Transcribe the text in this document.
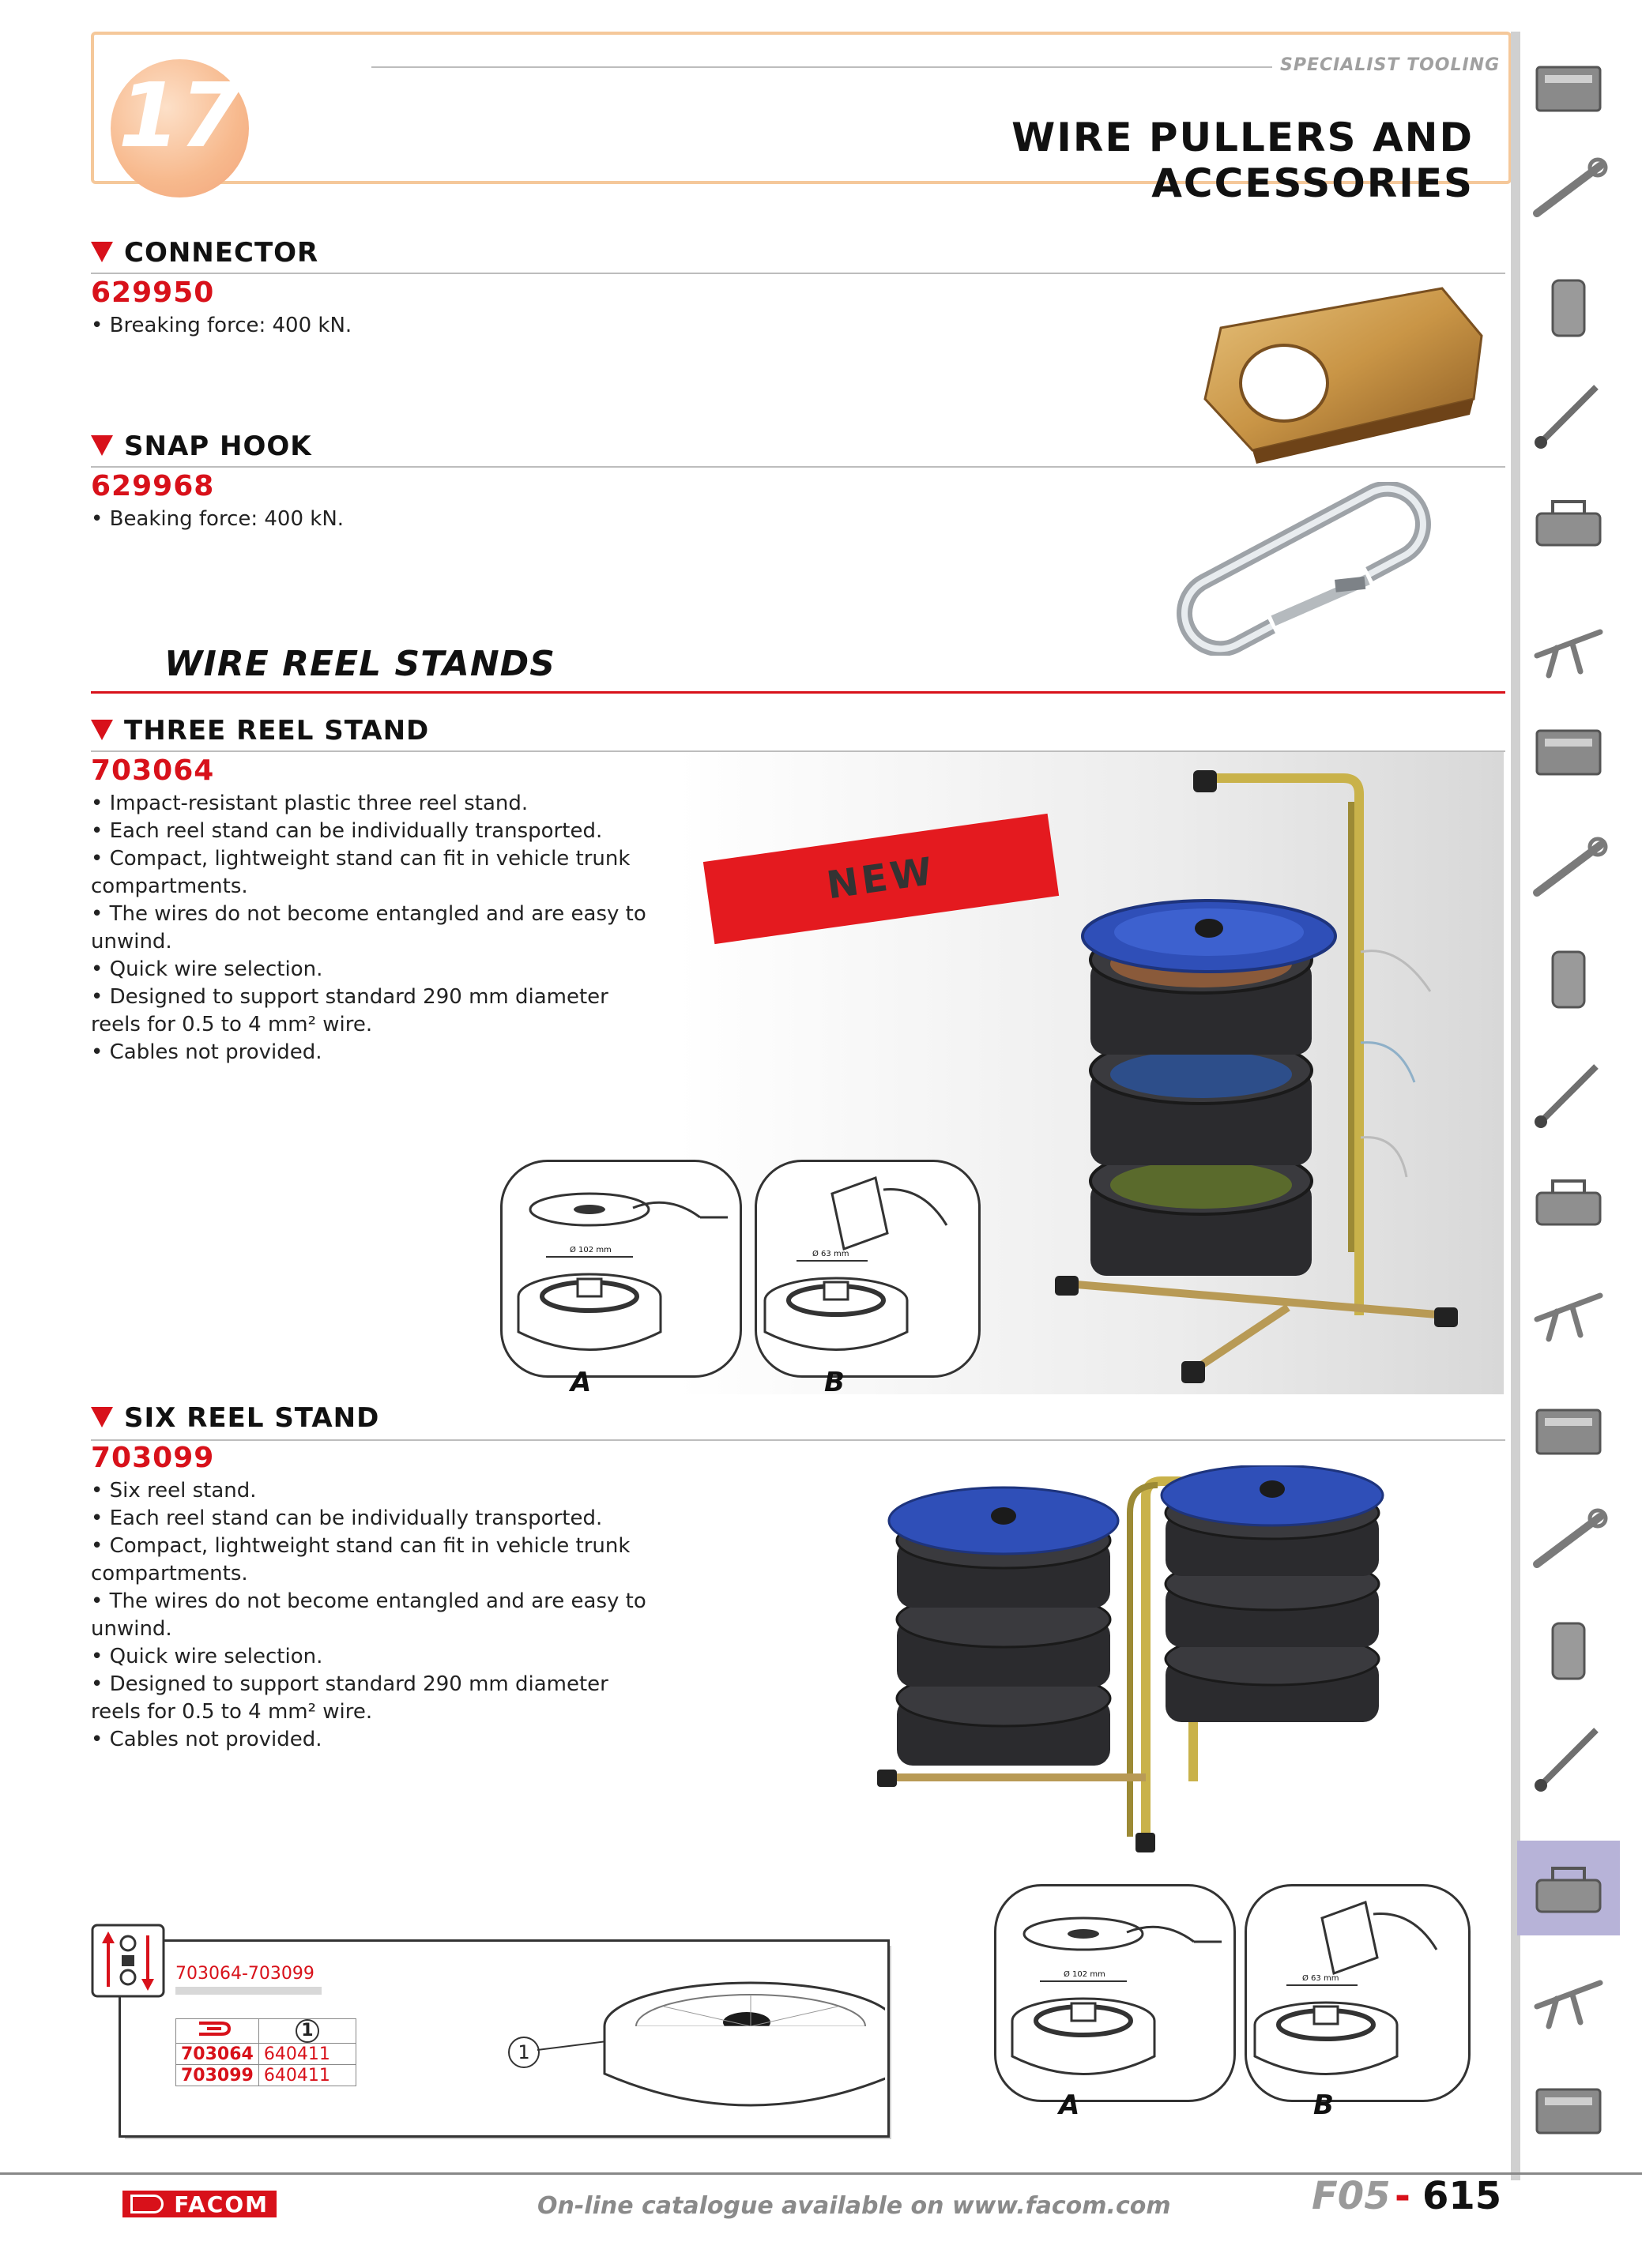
17	SPECIALIST TOOLING
WIRE PULLERS AND ACCESSORIES
CONNECTOR
629950
• Breaking force: 400 kN.
SNAP HOOK
629968
• Beaking force: 400 kN.
WIRE REEL STANDS
THREE REEL STAND
703064
• Impact-resistant plastic three reel stand.
• Each reel stand can be individually transported.
• Compact, lightweight stand can fit in vehicle trunk
compartments.
• The wires do not become entangled and are easy to
unwind.
• Quick wire selection.
• Designed to support standard 290 mm diameter
reels for 0.5 to 4 mm² wire.
• Cables not provided.
NEW
Ø 102 mm	Ø 63 mm
A	B
SIX REEL STAND
703099
• Six reel stand.
• Each reel stand can be individually transported.
• Compact, lightweight stand can fit in vehicle trunk
compartments.
• The wires do not become entangled and are easy to
unwind.
• Quick wire selection.
• Designed to support standard 290 mm diameter
reels for 0.5 to 4 mm² wire.
• Cables not provided.
703064-703099
	1
703064	640411
703099	640411
1
Ø 102 mm	Ø 63 mm
A	B
FACOM	On-line catalogue available on www.facom.com	F05 - 615
